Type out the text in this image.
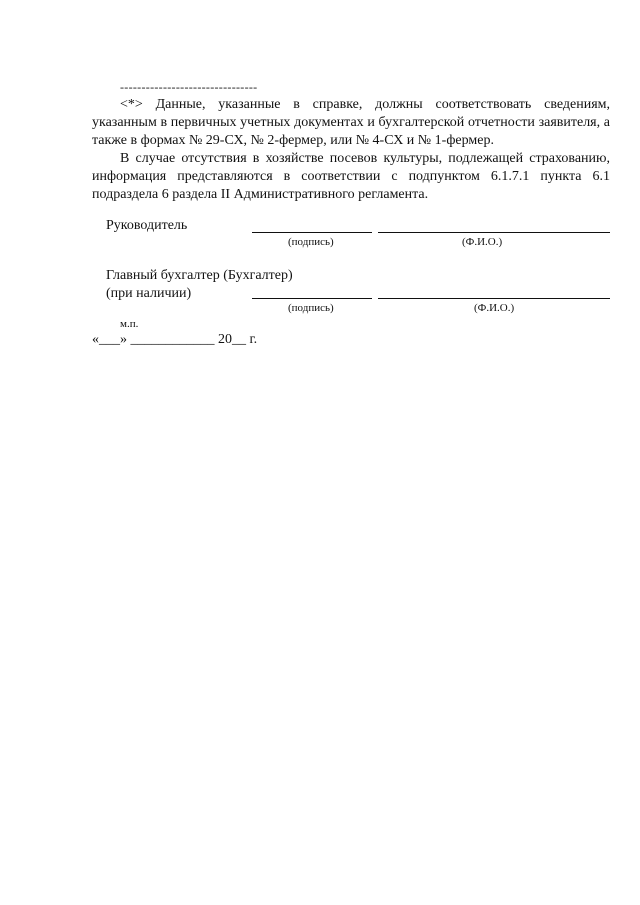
--------------------------------

<*> Данные, указанные в справке, должны соответствовать сведениям, указанным в первичных учетных документах и бухгалтерской отчетности заявителя, а также в формах № 29-СХ, № 2-фермер, или № 4-СХ и № 1-фермер.

В случае отсутствия в хозяйстве посевов культуры, подлежащей страхованию, информация представляются в соответствии с подпунктом 6.1.7.1 пункта 6.1 подраздела 6 раздела II Административного регламента.

Руководитель
(подпись)	(Ф.И.О.)
Главный бухгалтер (Бухгалтер)
(при наличии)
(подпись)	(Ф.И.О.)
м.п.
«___» ____________ 20__ г.
